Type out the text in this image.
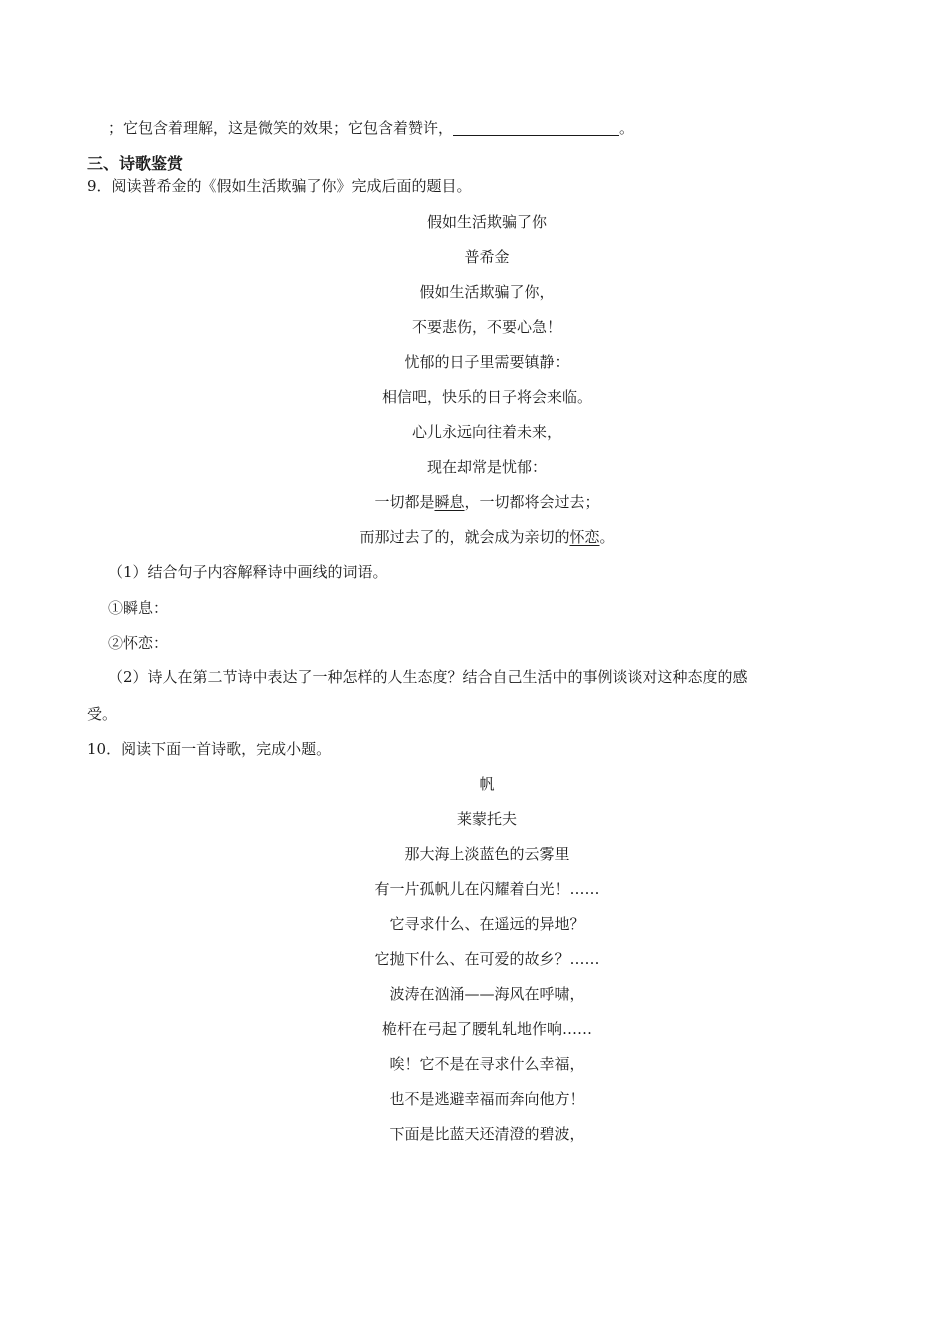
；它包含着理解，这是微笑的效果；它包含着赞许，	。
三、诗歌鉴赏
9．阅读普希金的《假如生活欺骗了你》完成后面的题目。
假如生活欺骗了你
普希金
假如生活欺骗了你，
不要悲伤，不要心急！
忧郁的日子里需要镇静：
相信吧，快乐的日子将会来临。
心儿永远向往着未来，
现在却常是忧郁：
一切都是瞬息，一切都将会过去；
而那过去了的，就会成为亲切的怀恋。
（1）结合句子内容解释诗中画线的词语。
①瞬息：
②怀恋：
（2）诗人在第二节诗中表达了一种怎样的人生态度？结合自己生活中的事例谈谈对这种态度的感
受。
10．阅读下面一首诗歌，完成小题。
帆
莱蒙托夫
那大海上淡蓝色的云雾里
有一片孤帆儿在闪耀着白光！……
它寻求什么、在遥远的异地？
它抛下什么、在可爱的故乡？……
波涛在汹涌——海风在呼啸，
桅杆在弓起了腰轧轧地作响……
唉！它不是在寻求什么幸福，
也不是逃避幸福而奔向他方！
下面是比蓝天还清澄的碧波，
